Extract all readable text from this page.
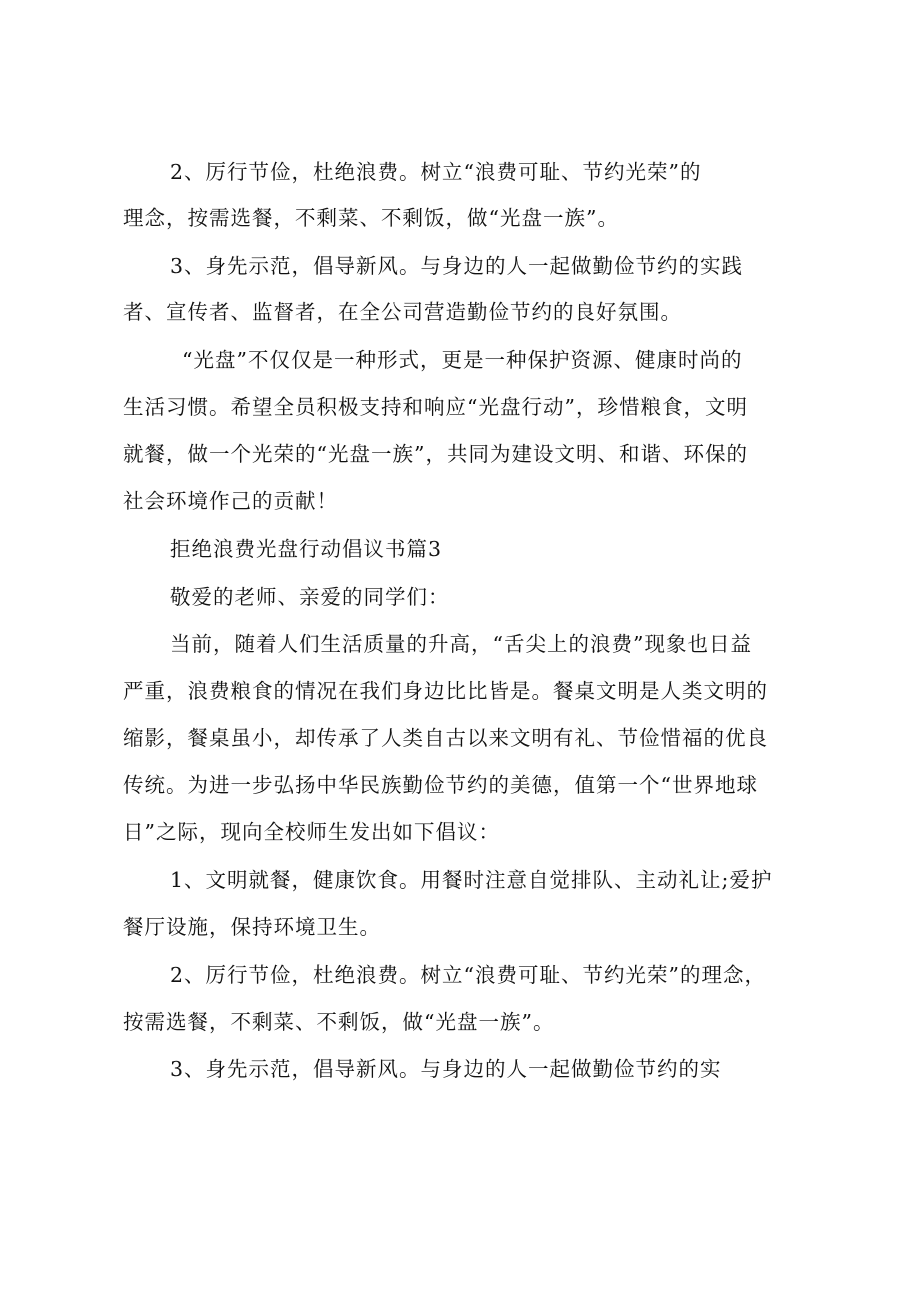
2、厉行节俭，杜绝浪费。树立“浪费可耻、节约光荣”的
理念，按需选餐，不剩菜、不剩饭，做“光盘一族”。
3、身先示范，倡导新风。与身边的人一起做勤俭节约的实践
者、宣传者、监督者，在全公司营造勤俭节约的良好氛围。
“光盘”不仅仅是一种形式，更是一种保护资源、健康时尚的
生活习惯。希望全员积极支持和响应“光盘行动”，珍惜粮食，文明
就餐，做一个光荣的“光盘一族”，共同为建设文明、和谐、环保的
社会环境作己的贡献！
拒绝浪费光盘行动倡议书篇3
敬爱的老师、亲爱的同学们：
当前，随着人们生活质量的升高，“舌尖上的浪费”现象也日益
严重，浪费粮食的情况在我们身边比比皆是。餐桌文明是人类文明的
缩影，餐桌虽小，却传承了人类自古以来文明有礼、节俭惜福的优良
传统。为进一步弘扬中华民族勤俭节约的美德，值第一个“世界地球
日”之际，现向全校师生发出如下倡议：
1、文明就餐，健康饮食。用餐时注意自觉排队、主动礼让;爱护
餐厅设施，保持环境卫生。
2、厉行节俭，杜绝浪费。树立“浪费可耻、节约光荣”的理念，
按需选餐，不剩菜、不剩饭，做“光盘一族”。
3、身先示范，倡导新风。与身边的人一起做勤俭节约的实
